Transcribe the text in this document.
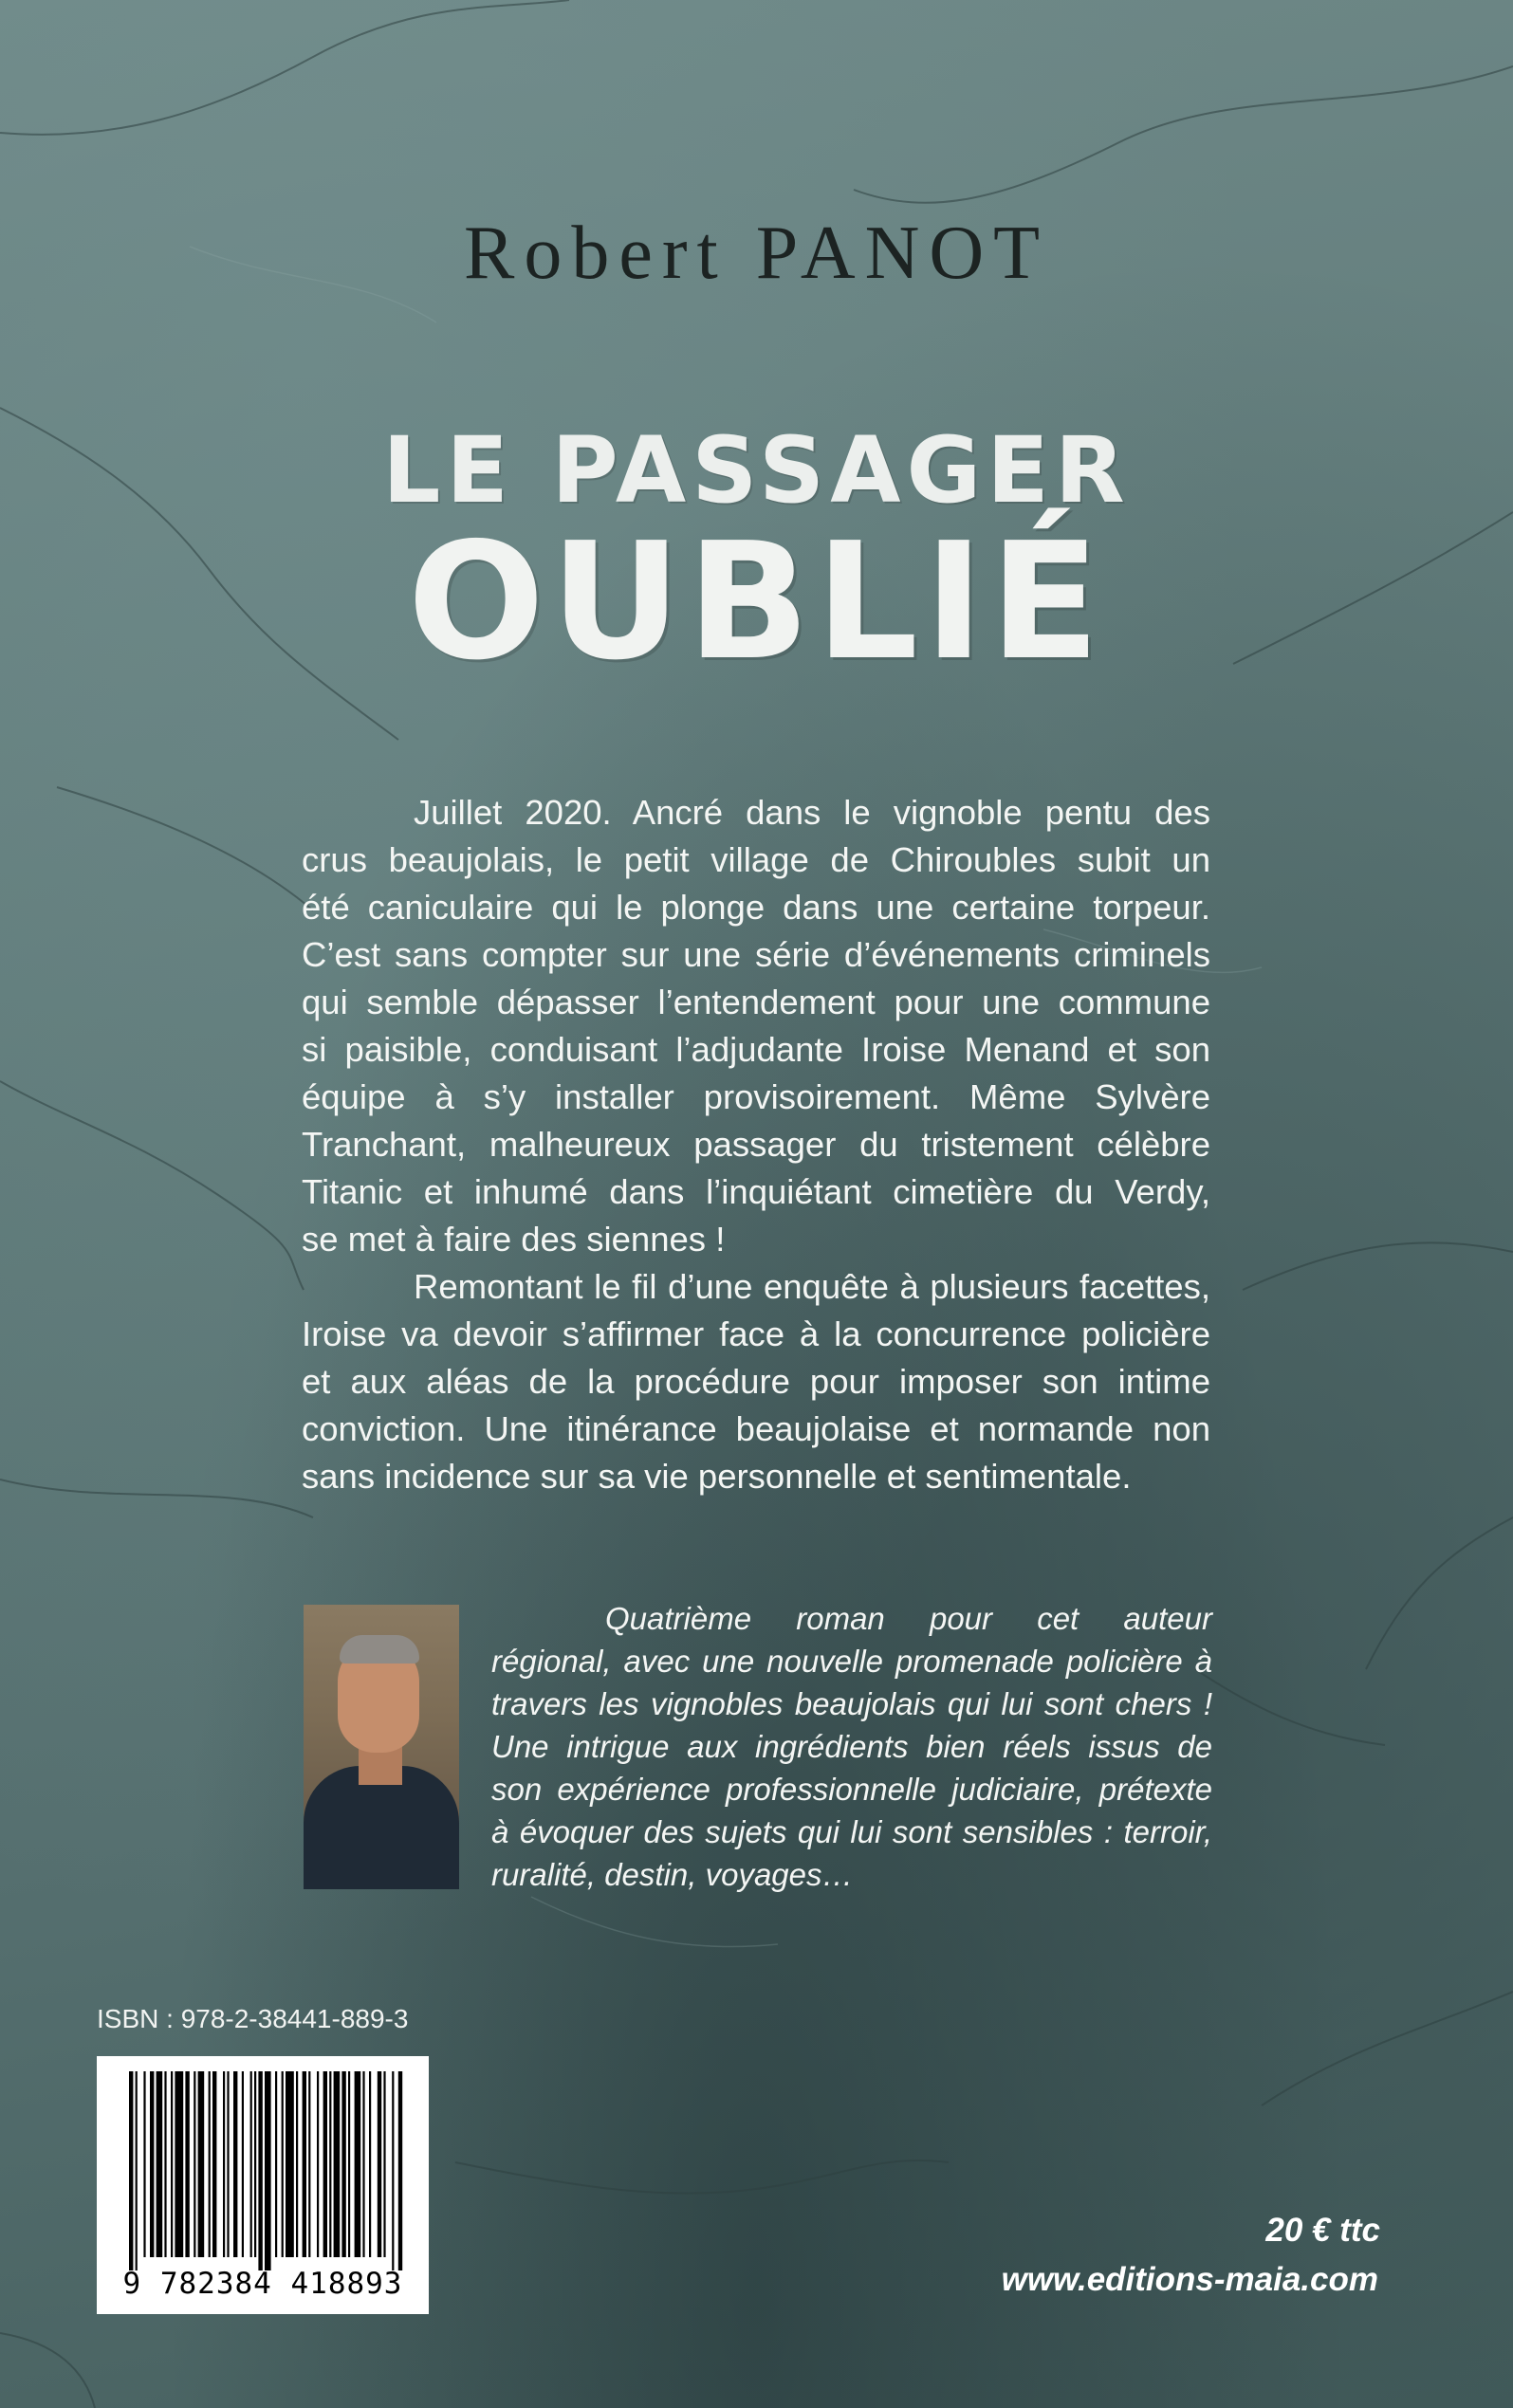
Robert PANOT
LE PASSAGER
OUBLIÉ
Juillet 2020. Ancré dans le vignoble pentu des
crus beaujolais, le petit village de Chiroubles subit un
été caniculaire qui le plonge dans une certaine torpeur.
C’est sans compter sur une série d’événements criminels
qui semble dépasser l’entendement pour une commune
si paisible, conduisant l’adjudante Iroise Menand et son
équipe à s’y installer provisoirement. Même Sylvère
Tranchant, malheureux passager du tristement célèbre
Titanic et inhumé dans l’inquiétant cimetière du Verdy,
se met à faire des siennes !
Remontant le fil d’une enquête à plusieurs facettes,
Iroise va devoir s’affirmer face à la concurrence policière
et aux aléas de la procédure pour imposer son intime
conviction. Une itinérance beaujolaise et normande non
sans incidence sur sa vie personnelle et sentimentale.
Quatrième roman pour cet auteur
régional, avec une nouvelle promenade policière à
travers les vignobles beaujolais qui lui sont chers !
Une intrigue aux ingrédients bien réels issus de
son expérience professionnelle judiciaire, prétexte
à évoquer des sujets qui lui sont sensibles : terroir,
ruralité, destin, voyages…
ISBN : 978-2-38441-889-3
9 782384 418893
20 € ttc
www.editions-maia.com
